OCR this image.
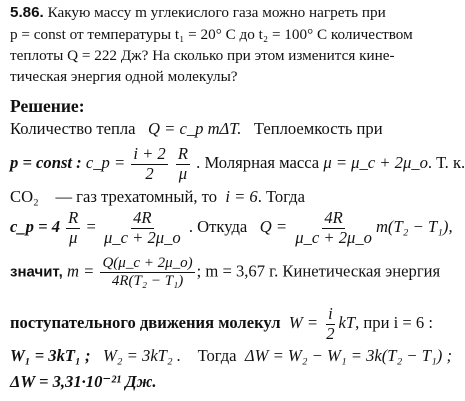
5.86. Какую массу m углекислого газа можно нагреть при
p = const от температуры t₁ = 20° C до t₂ = 100° C количеством
теплоты Q = 222 Дж? На сколько при этом изменится кине-
тическая энергия одной молекулы?
Решение:
Количество тепла Q = c_p mΔT. Теплоемкость при
p = const : c_p = $\frac{i + 2}{2}$
$\frac{R}{\mu}$ . Молярная масса μ = μ_c + 2μ_o. Т. к.
CO₂ — газ трехатомный, то i = 6. Тогда
c_p = $4 \frac{R}{\mu} = \frac{4R}{\mu\_c + 2\mu\_o}$ . Откуда $Q = \frac{4R}{\mu\_c + 2\mu\_o} m(T_2 - T_1)$,
значит, $m = \frac{Q(\mu\_c + 2\mu\_o)}{\text{4R(T₂ − T₁)}}$ ; m = 3,67 г. Кинетическая энергия
поступательного движения молекул $W = \frac{i}{2}$ kT, при i = 6 :
W₁ = 3kT₁ ; W₂ = 3kT₂ . Тогда ΔW = W₂ − W₁ = 3k(T₂ − T₁) ;
ΔW = 3,31·10⁻²¹ Дж.
